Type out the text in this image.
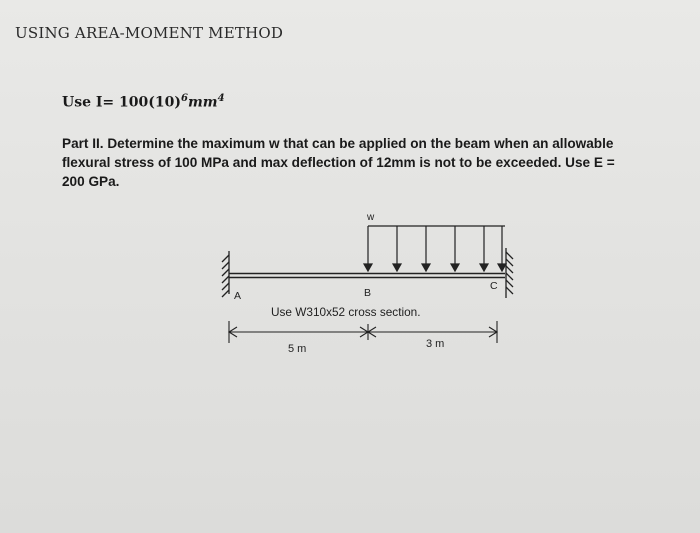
USING AREA-MOMENT METHOD
Use $I= 100(10)^6mm^4$
Part II. Determine the maximum w that can be applied on the beam when an allowable
flexural stress of 100 MPa and max deflection of 12mm is not to be exceeded. Use E =
200 GPa.
w
A	B
C
Use W310x52 cross section.
5 m	3 m
